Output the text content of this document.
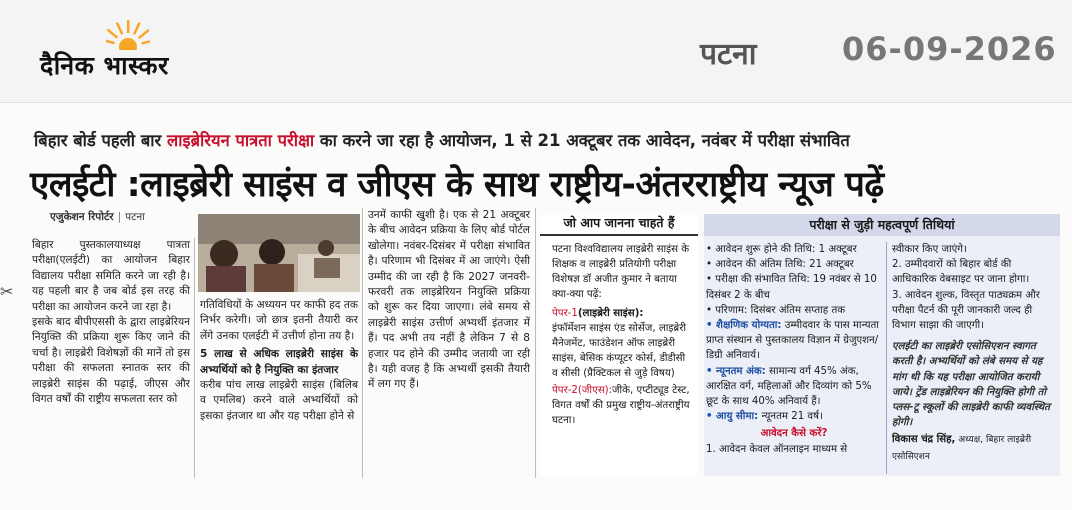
दैनिक भास्कर	पटना	06-09-2026
✂
बिहार बोर्ड पहली बार लाइब्रेरियन पात्रता परीक्षा का करने जा रहा है आयोजन, 1 से 21 अक्टूबर तक आवेदन, नवंबर में परीक्षा संभावित
एलईटी :लाइब्रेरी साइंस व जीएस के साथ राष्ट्रीय-अंतरराष्ट्रीय न्यूज पढ़ें
एजुकेशन रिपोर्टर | पटना

बिहार पुस्तकालयाध्यक्ष पात्रता परीक्षा(एलईटी) का आयोजन बिहार विद्यालय परीक्षा समिति करने जा रही है। यह पहली बार है जब बोर्ड इस तरह की परीक्षा का आयोजन करने जा रहा है।

इसके बाद बीपीएससी के द्वारा लाइब्रेरियन नियुक्ति की प्रक्रिया शुरू किए जाने की चर्चा है। लाइब्रेरी विशेषज्ञों की मानें तो इस परीक्षा की सफलता स्नातक स्तर की लाइब्रेरी साइंस की पढ़ाई, जीएस और विगत वर्षों की राष्ट्रीय सफलता स्तर को

गतिविधियों के अध्ययन पर काफी हद तक निर्भर करेगी। जो छात्र इतनी तैयारी कर लेंगे उनका एलईटी में उत्तीर्ण होना तय है।

5 लाख से अधिक लाइब्रेरी साइंस के अभ्यर्थियों को है नियुक्ति का इंतजार

करीब पांच लाख लाइब्रेरी साइंस (बिलिब व एमलिब) करने वाले अभ्यर्थियों को इसका इंतजार था और यह परीक्षा होने से

उनमें काफी खुशी है। एक से 21 अक्टूबर के बीच आवेदन प्रक्रिया के लिए बोर्ड पोर्टल खोलेगा। नवंबर-दिसंबर में परीक्षा संभावित है। परिणाम भी दिसंबर में आ जाएंगे। ऐसी उम्मीद की जा रही है कि 2027 जनवरी-फरवरी तक लाइब्रेरियन नियुक्ति प्रक्रिया को शुरू कर दिया जाएगा। लंबे समय से लाइब्रेरी साइंस उत्तीर्ण अभ्यर्थी इंतजार में हैं। पद अभी तय नहीं है लेकिन 7 से 8 हजार पद होने की उम्मीद जतायी जा रही है। यही वजह है कि अभ्यर्थी इसकी तैयारी में लग गए हैं।

जो आप जानना चाहते हैं

पटना विश्वविद्यालय लाइब्रेरी साइंस के शिक्षक व लाइब्रेरी प्रतियोगी परीक्षा विशेषज्ञ डॉ अजीत कुमार ने बताया क्या-क्या पढ़ें:

पेपर-1(लाइब्रेरी साइंस):

इंफॉर्मेशन साइंस एंड सोर्सेज, लाइब्रेरी मैनेजमेंट, फाउंडेशन ऑफ लाइब्रेरी साइंस, बेसिक कंप्यूटर कोर्स, डीडीसी व सीसी (प्रैक्टिकल से जुड़े विषय)

पेपर-2(जीएस):जीके, एप्टीट्यूड टेस्ट, विगत वर्षों की प्रमुख राष्ट्रीय-अंतराष्ट्रीय घटना।

परीक्षा से जुड़ी महत्वपूर्ण तिथियां

• आवेदन शुरू होने की तिथि: 1 अक्टूबर

• आवेदन की अंतिम तिथि: 21 अक्टूबर

• परीक्षा की संभावित तिथि: 19 नवंबर से 10 दिसंबर 2 के बीच

• परिणाम: दिसंबर अंतिम सप्ताह तक

• शैक्षणिक योग्यता: उम्मीदवार के पास मान्यता प्राप्त संस्थान से पुस्तकालय विज्ञान में ग्रेजुएशन/डिग्री अनिवार्य।

• न्यूनतम अंक: सामान्य वर्ग 45% अंक, आरक्षित वर्ग, महिलाओं और दिव्यांग को 5% छूट के साथ 40% अनिवार्य हैं।

• आयु सीमा: न्यूनतम 21 वर्ष।

आवेदन कैसे करें?

1. आवेदन केवल ऑनलाइन माध्यम से

स्वीकार किए जाएंगे।

2. उम्मीदवारों को बिहार बोर्ड की आधिकारिक वेबसाइट पर जाना होगा।

3. आवेदन शुल्क, विस्तृत पाठ्यक्रम और परीक्षा पैटर्न की पूरी जानकारी जल्द ही विभाग साझा की जाएगी।

एलईटी का लाइब्रेरी एसोसिएशन स्वागत करती है। अभ्यर्थियों को लंबे समय से यह मांग थी कि यह परीक्षा आयोजित करायी जाये। ट्रेंड लाइब्रेरियन की नियुक्ति होगी तो प्लस-टू स्कूलों की लाइब्रेरी काफी व्यवस्थित होगी।

विकास चंद्र सिंह, अध्यक्ष, बिहार लाइब्रेरी एसोसिएशन
